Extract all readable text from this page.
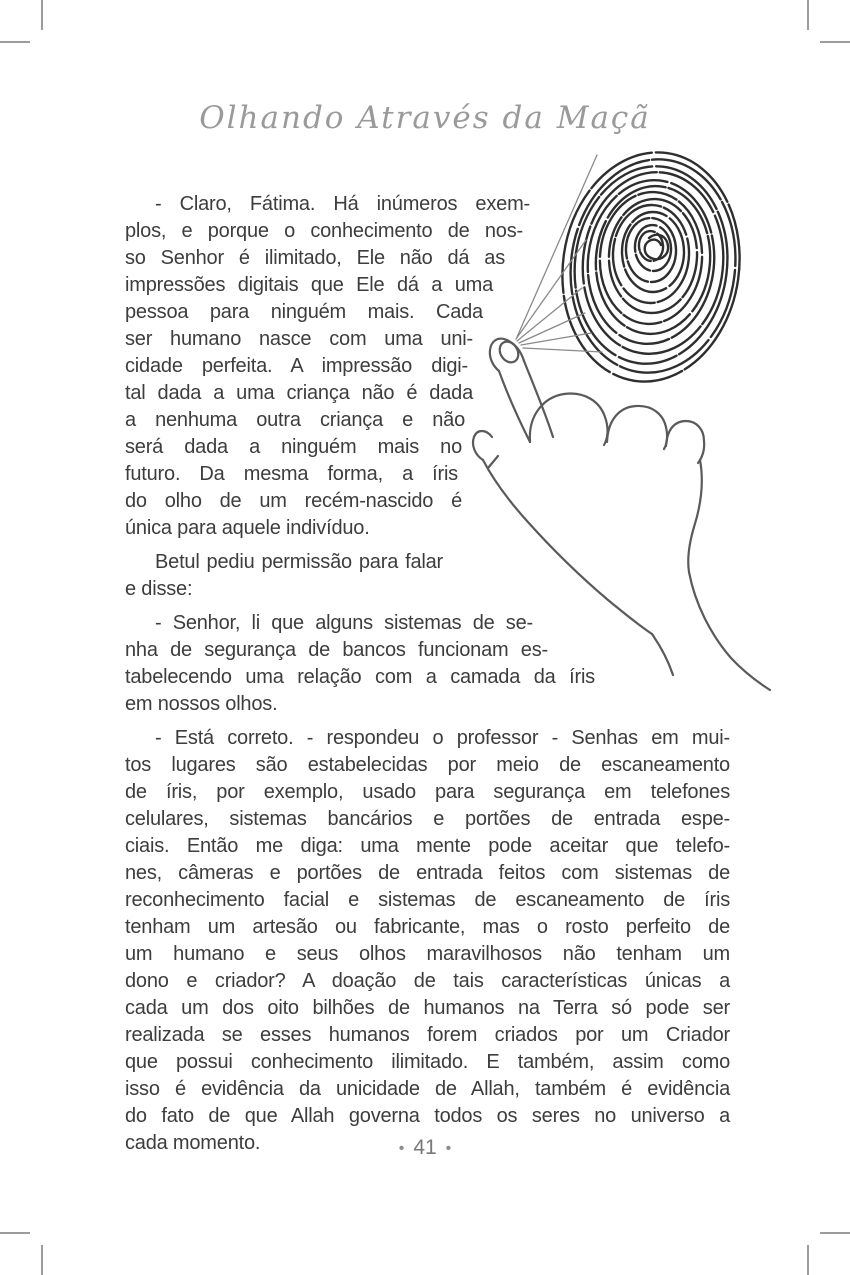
Olhando Através da Maçã
- Claro, Fátima. Há inúmeros exem-
plos, e porque o conhecimento de nos-
so Senhor é ilimitado, Ele não dá as
impressões digitais que Ele dá a uma
pessoa para ninguém mais. Cada
ser humano nasce com uma uni-
cidade perfeita. A impressão digi-
tal dada a uma criança não é dada
a nenhuma outra criança e não
será dada a ninguém mais no
futuro. Da mesma forma, a íris
do olho de um recém-nascido é
única para aquele indivíduo.
Betul pediu permissão para falar
e disse:
- Senhor, li que alguns sistemas de se-
nha de segurança de bancos funcionam es-
tabelecendo uma relação com a camada da íris
em nossos olhos.
- Está correto. - respondeu o professor - Senhas em mui-
tos lugares são estabelecidas por meio de escaneamento
de íris, por exemplo, usado para segurança em telefones
celulares, sistemas bancários e portões de entrada espe-
ciais. Então me diga: uma mente pode aceitar que telefo-
nes, câmeras e portões de entrada feitos com sistemas de
reconhecimento facial e sistemas de escaneamento de íris
tenham um artesão ou fabricante, mas o rosto perfeito de
um humano e seus olhos maravilhosos não tenham um
dono e criador? A doação de tais características únicas a
cada um dos oito bilhões de humanos na Terra só pode ser
realizada se esses humanos forem criados por um Criador
que possui conhecimento ilimitado. E também, assim como
isso é evidência da unicidade de Allah, também é evidência
do fato de que Allah governa todos os seres no universo a
cada momento.	• 41 •
